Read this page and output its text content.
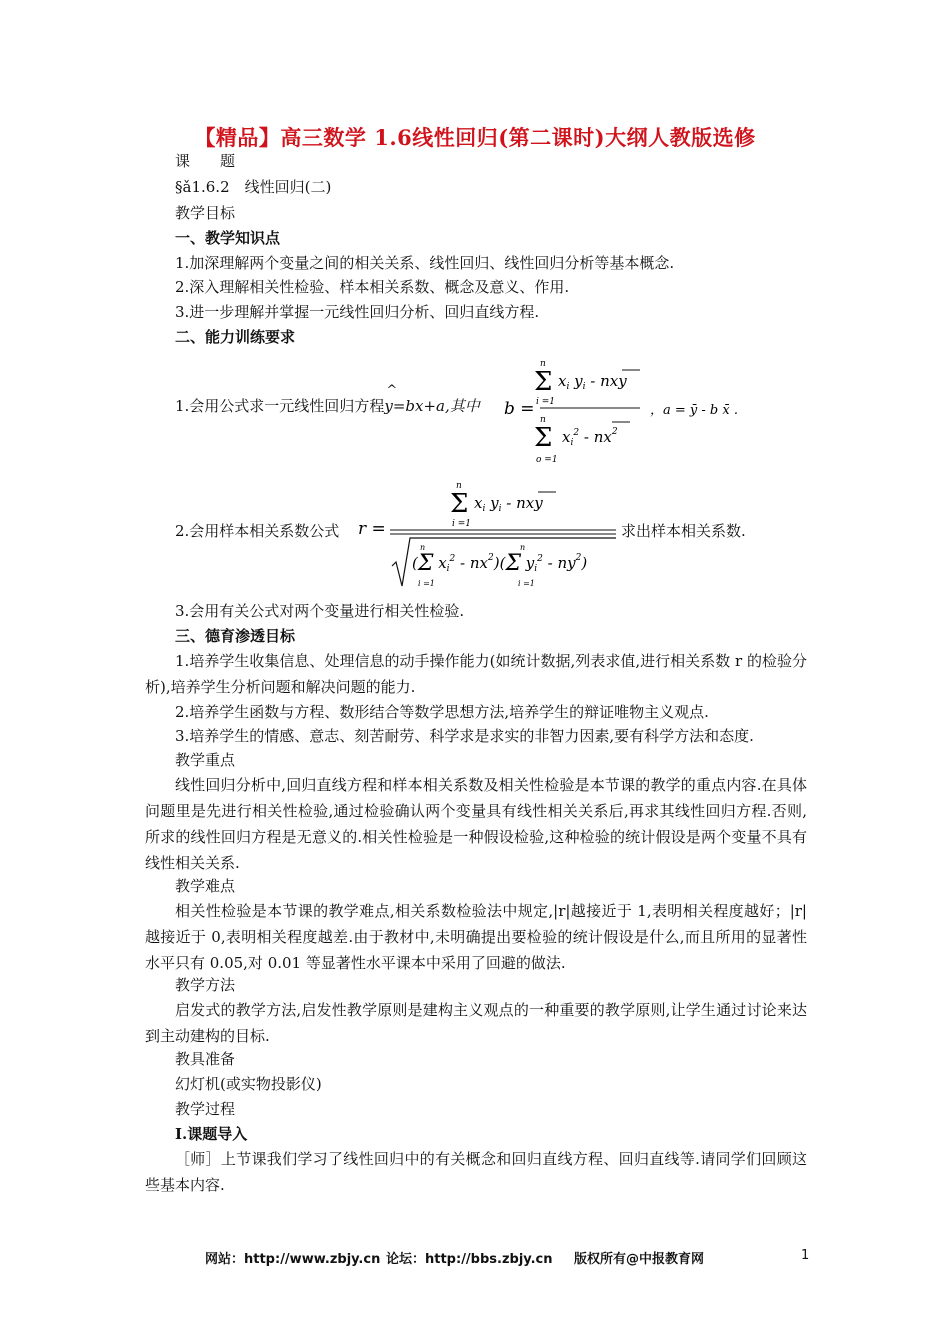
【精品】高三数学 1.6线性回归(第二课时)大纲人教版选修
课　　题
§ǎ1.6.2　线性回归(二)
教学目标
一、教学知识点
1.加深理解两个变量之间的相关关系、线性回归、线性回归分析等基本概念.
2.深入理解相关性检验、样本相关系数、概念及意义、作用.
3.进一步理解并掌握一元线性回归分析、回归直线方程.
二、能力训练要求
1.会用公式求一元线性回归方程
^
y=bx+a,其中 b =
n
Σ
i =1
$x_i$ $y_i$ - nxy
n
Σ
o =1
$x_i^2 - nx^2$
，a = ȳ - b x̄ .
2.会用样本相关系数公式 r =
n
Σ
i =1
$x_i$ $y_i$ - nxy
(Σ $x_i^2 - nx^2)(\Sigma$ $y_i^2 - ny^2$)
n
i =1
n
i =1
求出样本相关系数.
3.会用有关公式对两个变量进行相关性检验.
三、德育渗透目标

1.培养学生收集信息、处理信息的动手操作能力(如统计数据,列表求值,进行相关系数 r 的检验分析),培养学生分析问题和解决问题的能力.

2.培养学生函数与方程、数形结合等数学思想方法,培养学生的辩证唯物主义观点.

3.培养学生的情感、意志、刻苦耐劳、科学求是求实的非智力因素,要有科学方法和态度.

教学重点

线性回归分析中,回归直线方程和样本相关系数及相关性检验是本节课的教学的重点内容.在具体问题里是先进行相关性检验,通过检验确认两个变量具有线性相关关系后,再求其线性回归方程.否则,所求的线性回归方程是无意义的.相关性检验是一种假设检验,这种检验的统计假设是两个变量不具有线性相关关系.

教学难点

相关性检验是本节课的教学难点,相关系数检验法中规定,|r|越接近于 1,表明相关程度越好；|r|越接近于 0,表明相关程度越差.由于教材中,未明确提出要检验的统计假设是什么,而且所用的显著性水平只有 0.05,对 0.01 等显著性水平课本中采用了回避的做法.

教学方法

启发式的教学方法,启发性教学原则是建构主义观点的一种重要的教学原则,让学生通过讨论来达到主动建构的目标.

教具准备
幻灯机(或实物投影仪)
教学过程
Ⅰ.课题导入

［师］上节课我们学习了线性回归中的有关概念和回归直线方程、回归直线等.请同学们回顾这些基本内容.

网站：http://www.zbjy.cn 论坛：http://bbs.zbjy.cn 版权所有@中报教育网	1
